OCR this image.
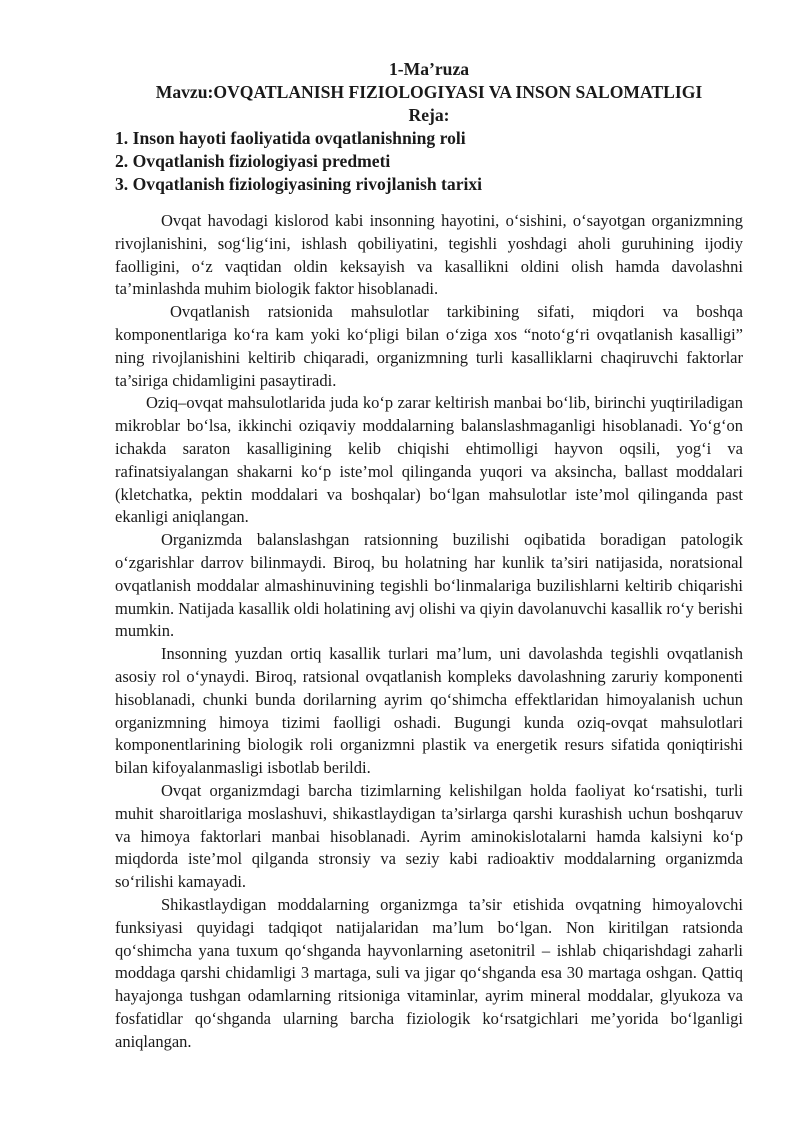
1-Ma’ruza

Mavzu:OVQATLANISH FIZIOLOGIYASI VA INSON SALOMATLIGI

Reja:

1. Inson hayoti faoliyatida ovqatlanishning roli
2. Ovqatlanish fiziologiyasi predmeti
3. Ovqatlanish fiziologiyasining rivojlanish tarixi

Ovqat havodagi kislorod kabi insonning hayotini, o‘sishini, o‘sayotgan organizmning rivojlanishini, sog‘lig‘ini, ishlash qobiliyatini, tegishli yoshdagi aholi guruhining ijodiy faolligini, o‘z vaqtidan oldin keksayish va kasallikni oldini olish hamda davolashni ta’minlashda muhim biologik faktor hisoblanadi.

Ovqatlanish ratsionida mahsulotlar tarkibining sifati, miqdori va boshqa komponentlariga ko‘ra kam yoki ko‘pligi bilan o‘ziga xos “noto‘g‘ri ovqatlanish kasalligi” ning rivojlanishini keltirib chiqaradi, organizmning turli kasalliklarni chaqiruvchi faktorlar ta’siriga chidamligini pasaytiradi.

Oziq–ovqat mahsulotlarida juda ko‘p zarar keltirish manbai bo‘lib, birinchi yuqtiriladigan mikroblar bo‘lsa, ikkinchi oziqaviy moddalarning balanslashmaganligi hisoblanadi. Yo‘g‘on ichakda saraton kasalligining kelib chiqishi ehtimolligi hayvon oqsili, yog‘i va rafinatsiyalangan shakarni ko‘p iste’mol qilinganda yuqori va aksincha, ballast moddalari (kletchatka, pektin moddalari va boshqalar) bo‘lgan mahsulotlar iste’mol qilinganda past ekanligi aniqlangan.

Organizmda balanslashgan ratsionning buzilishi oqibatida boradigan patologik o‘zgarishlar darrov bilinmaydi. Biroq, bu holatning har kunlik ta’siri natijasida, noratsional ovqatlanish moddalar almashinuvining tegishli bo‘linmalariga buzilishlarni keltirib chiqarishi mumkin. Natijada kasallik oldi holatining avj olishi va qiyin davolanuvchi kasallik ro‘y berishi mumkin.

Insonning yuzdan ortiq kasallik turlari ma’lum, uni davolashda tegishli ovqatlanish asosiy rol o‘ynaydi. Biroq, ratsional ovqatlanish kompleks davolashning zaruriy komponenti hisoblanadi, chunki bunda dorilarning ayrim qo‘shimcha effektlaridan himoyalanish uchun organizmning himoya tizimi faolligi oshadi. Bugungi kunda oziq-ovqat mahsulotlari komponentlarining biologik roli organizmni plastik va energetik resurs sifatida qoniqtirishi bilan kifoyalanmasligi isbotlab berildi.

Ovqat organizmdagi barcha tizimlarning kelishilgan holda faoliyat ko‘rsatishi, turli muhit sharoitlariga moslashuvi, shikastlaydigan ta’sirlarga qarshi kurashish uchun boshqaruv va himoya faktorlari manbai hisoblanadi. Ayrim aminokislotalarni hamda kalsiyni ko‘p miqdorda iste’mol qilganda stronsiy va seziy kabi radioaktiv moddalarning organizmda so‘rilishi kamayadi.

Shikastlaydigan moddalarning organizmga ta’sir etishida ovqatning himoyalovchi funksiyasi quyidagi tadqiqot natijalaridan ma’lum bo‘lgan. Non kiritilgan ratsionda qo‘shimcha yana tuxum qo‘shganda hayvonlarning asetonitril – ishlab chiqarishdagi zaharli moddaga qarshi chidamligi 3 martaga, suli va jigar qo‘shganda esa 30 martaga oshgan. Qattiq hayajonga tushgan odamlarning ritsioniga vitaminlar, ayrim mineral moddalar, glyukoza va fosfatidlar qo‘shganda ularning barcha fiziologik ko‘rsatgichlari me’yorida bo‘lganligi aniqlangan.
